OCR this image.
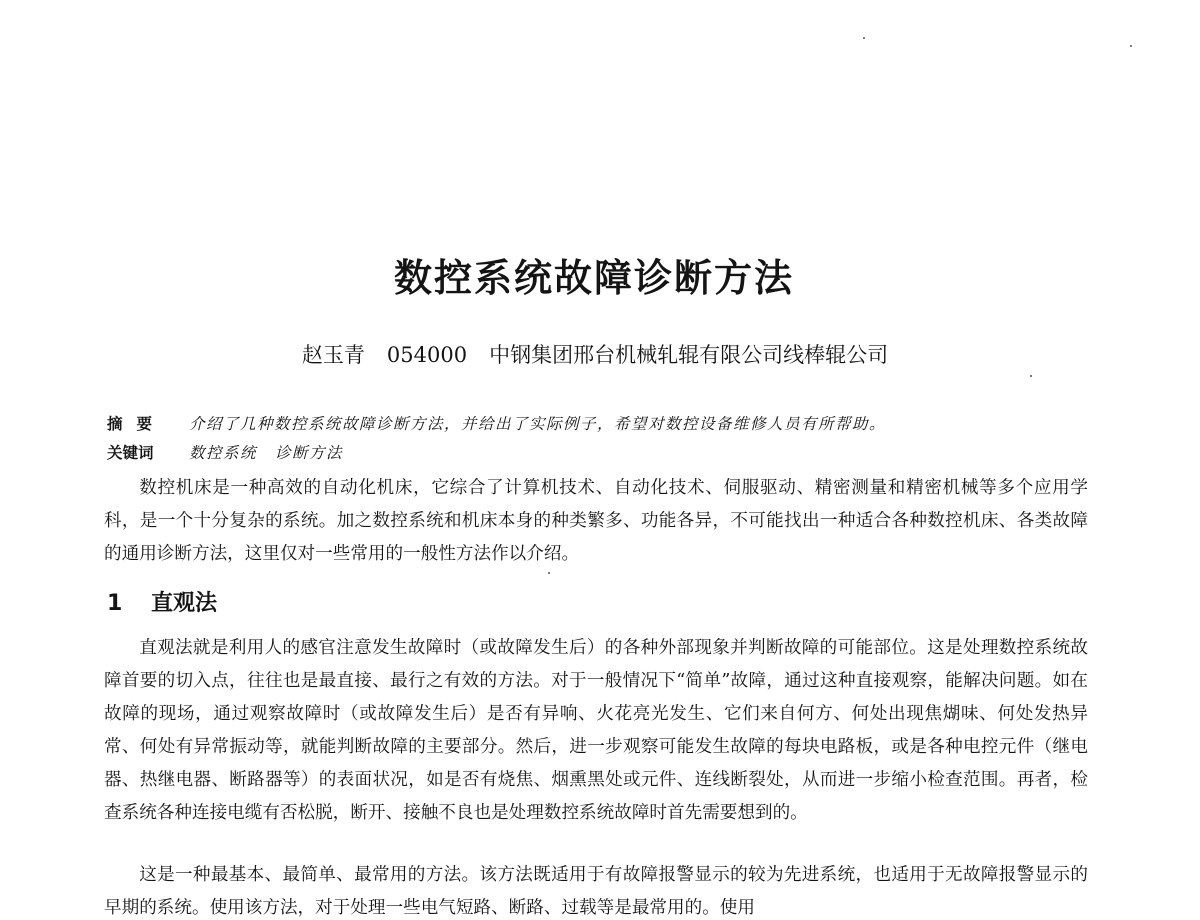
数控系统故障诊断方法
赵玉青 054000 中钢集团邢台机械轧辊有限公司线棒辊公司
摘要 介绍了几种数控系统故障诊断方法，并给出了实际例子，希望对数控设备维修人员有所帮助。
关键词 数控系统 诊断方法

数控机床是一种高效的自动化机床，它综合了计算机技术、自动化技术、伺服驱动、精密测量和精密机械等多个应用学科，是一个十分复杂的系统。加之数控系统和机床本身的种类繁多、功能各异，不可能找出一种适合各种数控机床、各类故障的通用诊断方法，这里仅对一些常用的一般性方法作以介绍。

1 直观法

直观法就是利用人的感官注意发生故障时（或故障发生后）的各种外部现象并判断故障的可能部位。这是处理数控系统故障首要的切入点，往往也是最直接、最行之有效的方法。对于一般情况下“简单”故障，通过这种直接观察，能解决问题。如在故障的现场，通过观察故障时（或故障发生后）是否有异响、火花亮光发生、它们来自何方、何处出现焦煳味、何处发热异常、何处有异常振动等，就能判断故障的主要部分。然后，进一步观察可能发生故障的每块电路板，或是各种电控元件（继电器、热继电器、断路器等）的表面状况，如是否有烧焦、烟熏黑处或元件、连线断裂处，从而进一步缩小检查范围。再者，检查系统各种连接电缆有否松脱，断开、接触不良也是处理数控系统故障时首先需要想到的。

这是一种最基本、最简单、最常用的方法。该方法既适用于有故障报警显示的较为先进系统，也适用于无故障报警显示的早期的系统。使用该方法，对于处理一些电气短路、断路、过载等是最常用的。使用
